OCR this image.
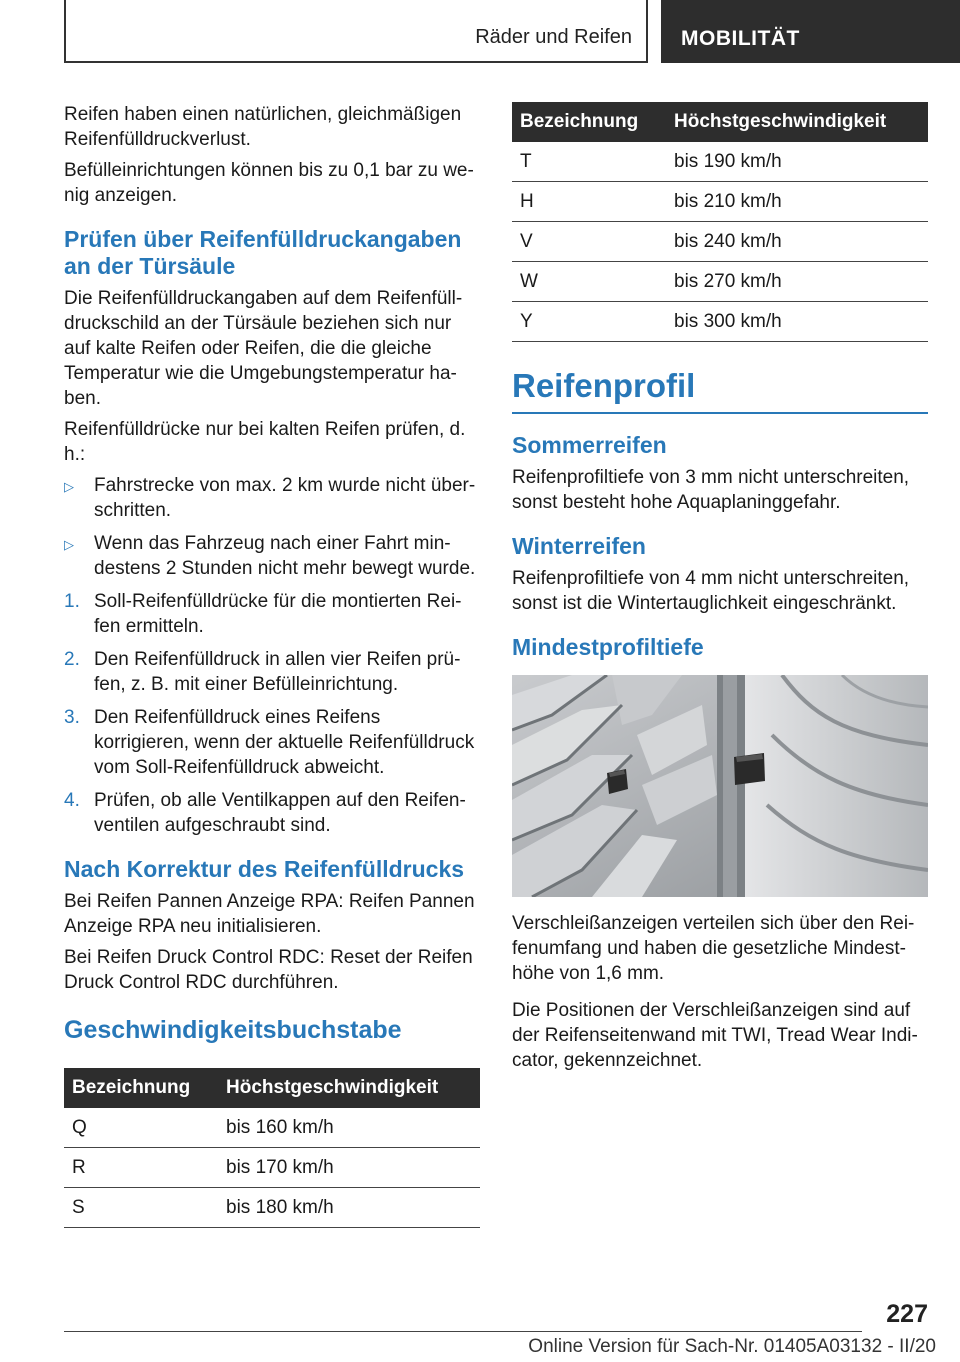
Räder und Reifen MOBILITÄT

Reifen haben einen natürlichen, gleichmäßigen Reifenfülldruckverlust.

Befülleinrichtungen können bis zu 0,1 bar zu we‐nig anzeigen.

Prüfen über Reifenfülldruckangaben an der Türsäule

Die Reifenfülldruckangaben auf dem Reifenfüll‐druckschild an der Türsäule beziehen sich nur auf kalte Reifen oder Reifen, die die gleiche Temperatur wie die Umgebungstemperatur ha‐ben.

Reifenfülldrücke nur bei kalten Reifen prüfen, d. h.:

▷ Fahrstrecke von max. 2 km wurde nicht über‐schritten.
▷ Wenn das Fahrzeug nach einer Fahrt min‐destens 2 Stunden nicht mehr bewegt wurde.
1. Soll-Reifenfülldrücke für die montierten Rei‐fen ermitteln.
2. Den Reifenfülldruck in allen vier Reifen prü‐fen, z. B. mit einer Befülleinrichtung.
3. Den Reifenfülldruck eines Reifens korrigieren, wenn der aktuelle Reifenfülldruck vom Soll-Reifenfülldruck abweicht.
4. Prüfen, ob alle Ventilkappen auf den Reifen‐ventilen aufgeschraubt sind.
Nach Korrektur des Reifenfülldrucks

Bei Reifen Pannen Anzeige RPA: Reifen Pannen Anzeige RPA neu initialisieren.

Bei Reifen Druck Control RDC: Reset der Reifen Druck Control RDC durchführen.

Geschwindigkeitsbuchstabe
Bezeichnung	Höchstgeschwindigkeit
Q	bis 160 km/h
R	bis 170 km/h
S	bis 180 km/h
Bezeichnung	Höchstgeschwindigkeit
T	bis 190 km/h
H	bis 210 km/h
V	bis 240 km/h
W	bis 270 km/h
Y	bis 300 km/h
Reifenprofil
Sommerreifen

Reifenprofiltiefe von 3 mm nicht unterschreiten, sonst besteht hohe Aquaplaninggefahr.

Winterreifen

Reifenprofiltiefe von 4 mm nicht unterschreiten, sonst ist die Wintertauglichkeit eingeschränkt.

Mindestprofiltiefe

Verschleißanzeigen verteilen sich über den Rei‐fenumfang und haben die gesetzliche Mindest‐höhe von 1,6 mm.

Die Positionen der Verschleißanzeigen sind auf der Reifenseitenwand mit TWI, Tread Wear Indi‐cator, gekennzeichnet.

227
Online Version für Sach-Nr. 01405A03132 - II/20
